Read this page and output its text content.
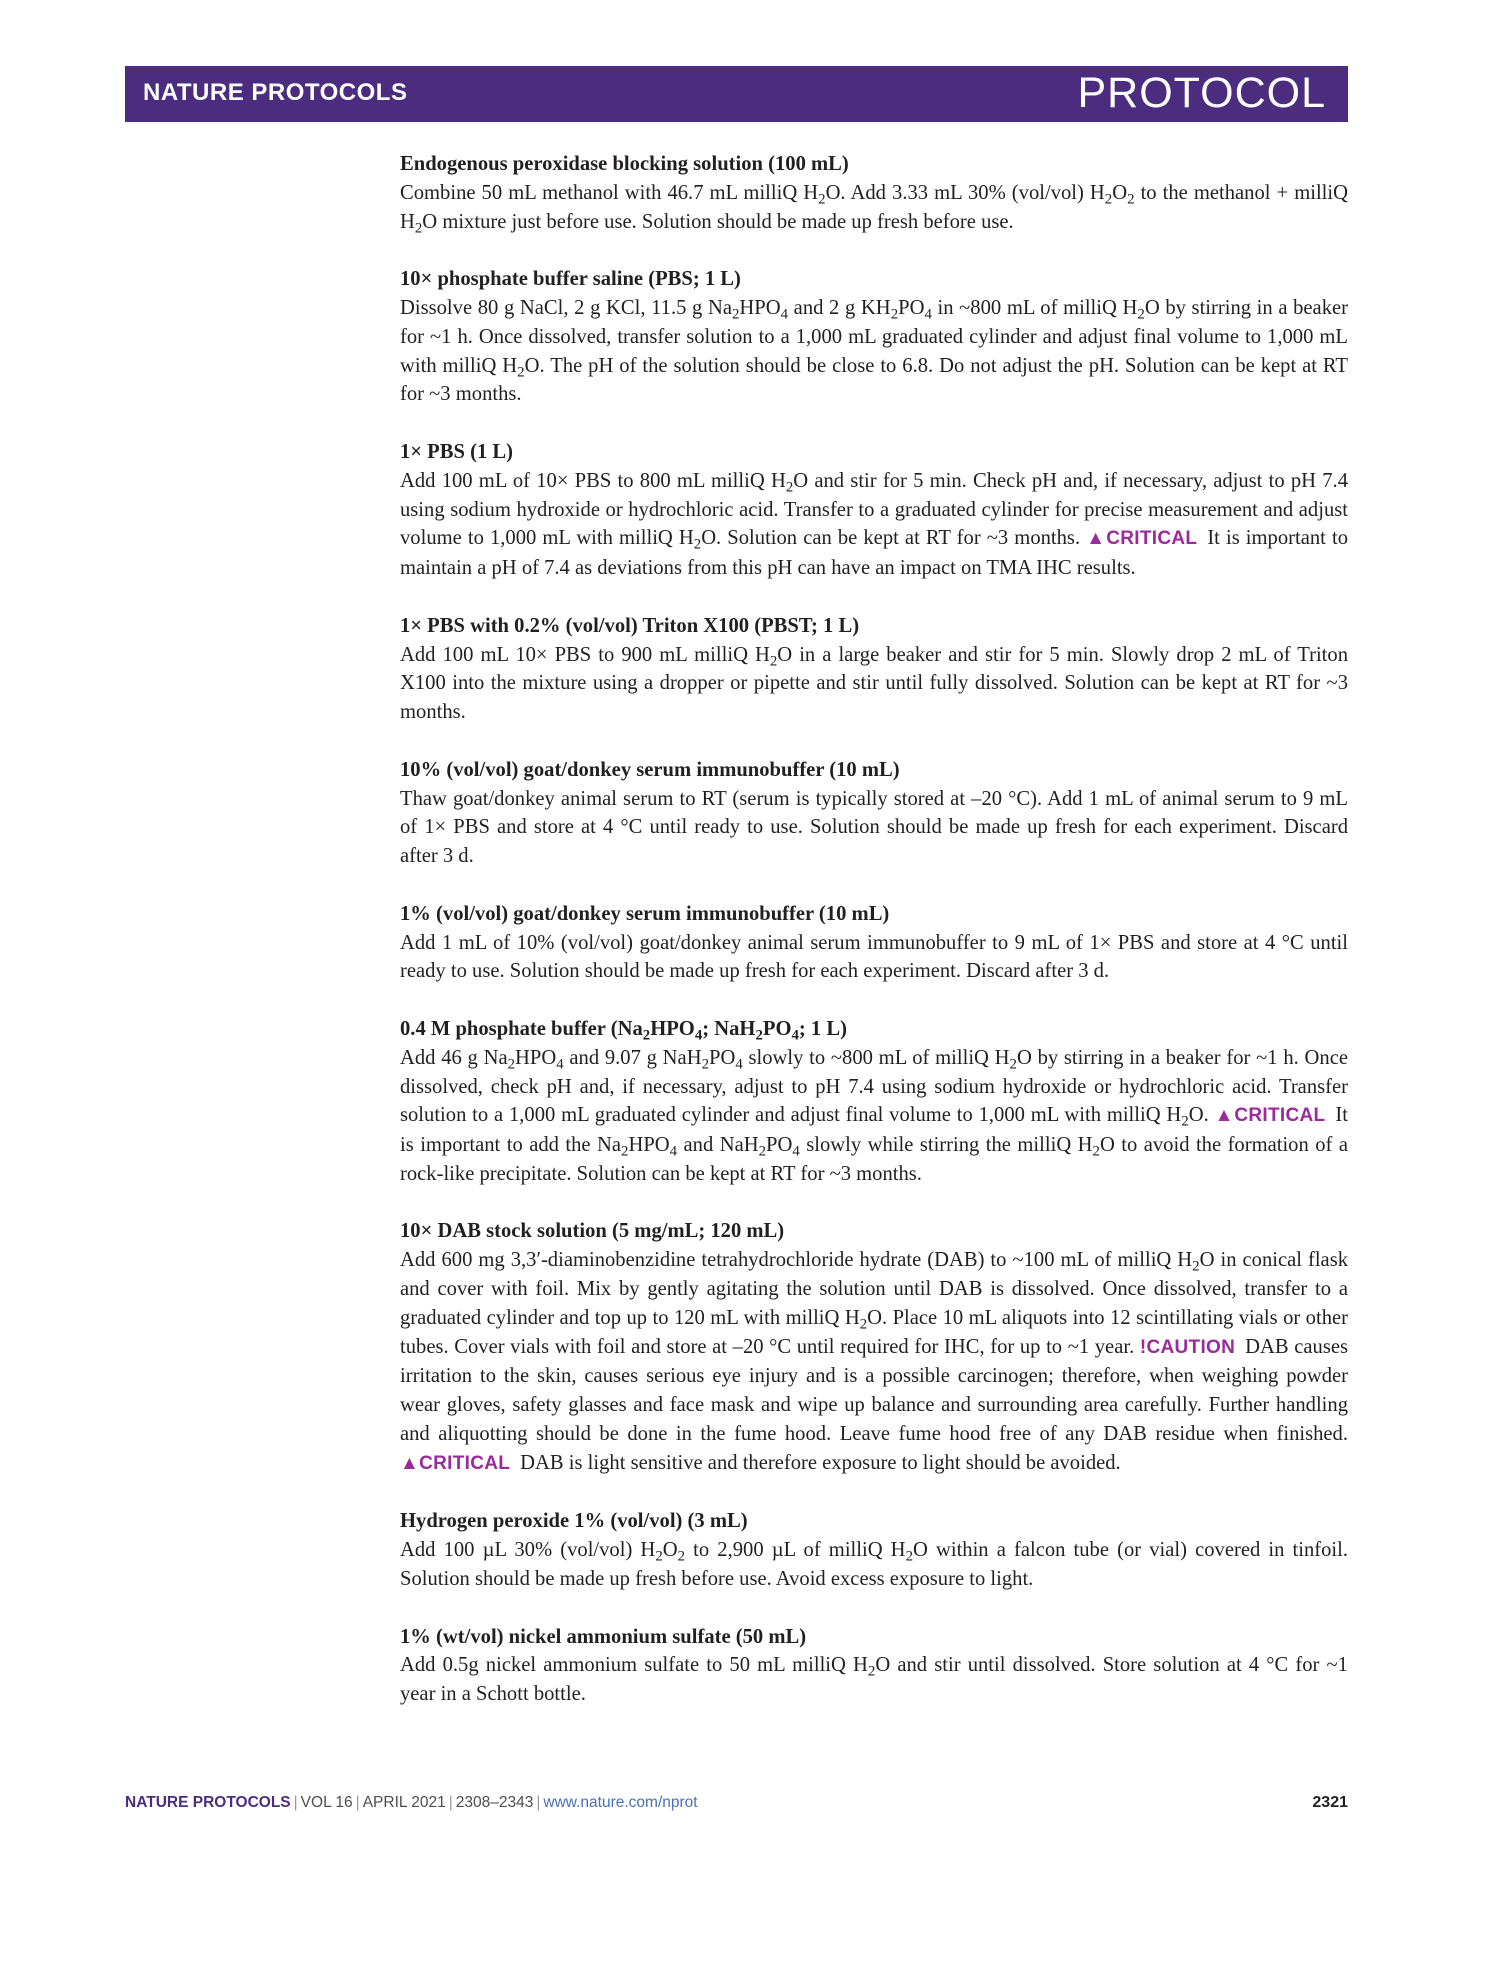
NATURE PROTOCOLS	PROTOCOL
Endogenous peroxidase blocking solution (100 mL)

Combine 50 mL methanol with 46.7 mL milliQ $H_2O$. Add 3.33 mL 30% (vol/vol) $H_2O_2$ to the methanol + milliQ $H_2O$ mixture just before use. Solution should be made up fresh before use.

10× phosphate buffer saline (PBS; 1 L)

Dissolve 80 g NaCl, 2 g KCl, 11.5 g $Na_2HPO_4$ and 2 g $KH_2PO_4$ in ~800 mL of milliQ $H_2O$ by stirring in a beaker for ~1 h. Once dissolved, transfer solution to a 1,000 mL graduated cylinder and adjust final volume to 1,000 mL with milliQ $H_2O$. The pH of the solution should be close to 6.8. Do not adjust the pH. Solution can be kept at RT for ~3 months.

1× PBS (1 L)

Add 100 mL of 10× PBS to 800 mL milliQ $H_2O$ and stir for 5 min. Check pH and, if necessary, adjust to pH 7.4 using sodium hydroxide or hydrochloric acid. Transfer to a graduated cylinder for precise measurement and adjust volume to 1,000 mL with milliQ $H_2O$. Solution can be kept at RT for ~3 months. ▲CRITICAL It is important to maintain a pH of 7.4 as deviations from this pH can have an impact on TMA IHC results.

1× PBS with 0.2% (vol/vol) Triton X100 (PBST; 1 L)

Add 100 mL 10× PBS to 900 mL milliQ $H_2O$ in a large beaker and stir for 5 min. Slowly drop 2 mL of Triton X100 into the mixture using a dropper or pipette and stir until fully dissolved. Solution can be kept at RT for ~3 months.

10% (vol/vol) goat/donkey serum immunobuffer (10 mL)

Thaw goat/donkey animal serum to RT (serum is typically stored at –20 °C). Add 1 mL of animal serum to 9 mL of 1× PBS and store at 4 °C until ready to use. Solution should be made up fresh for each experiment. Discard after 3 d.

1% (vol/vol) goat/donkey serum immunobuffer (10 mL)

Add 1 mL of 10% (vol/vol) goat/donkey animal serum immunobuffer to 9 mL of 1× PBS and store at 4 °C until ready to use. Solution should be made up fresh for each experiment. Discard after 3 d.

0.4 M phosphate buffer ($Na_2HPO_4$; $NaH_2PO_4$; 1 L)

Add 46 g $Na_2HPO_4$ and 9.07 g $NaH_2PO_4$ slowly to ~800 mL of milliQ $H_2O$ by stirring in a beaker for ~1 h. Once dissolved, check pH and, if necessary, adjust to pH 7.4 using sodium hydroxide or hydrochloric acid. Transfer solution to a 1,000 mL graduated cylinder and adjust final volume to 1,000 mL with milliQ $H_2O$. ▲CRITICAL It is important to add the $Na_2HPO_4$ and $NaH_2PO_4$ slowly while stirring the milliQ $H_2O$ to avoid the formation of a rock-like precipitate. Solution can be kept at RT for ~3 months.

10× DAB stock solution (5 mg/mL; 120 mL)

Add 600 mg 3,3′-diaminobenzidine tetrahydrochloride hydrate (DAB) to ~100 mL of milliQ $H_2O$ in conical flask and cover with foil. Mix by gently agitating the solution until DAB is dissolved. Once dissolved, transfer to a graduated cylinder and top up to 120 mL with milliQ $H_2O$. Place 10 mL aliquots into 12 scintillating vials or other tubes. Cover vials with foil and store at –20 °C until required for IHC, for up to ~1 year. !CAUTION DAB causes irritation to the skin, causes serious eye injury and is a possible carcinogen; therefore, when weighing powder wear gloves, safety glasses and face mask and wipe up balance and surrounding area carefully. Further handling and aliquotting should be done in the fume hood. Leave fume hood free of any DAB residue when finished. ▲CRITICAL DAB is light sensitive and therefore exposure to light should be avoided.

Hydrogen peroxide 1% (vol/vol) (3 mL)

Add 100 µL 30% (vol/vol) $H_2O_2$ to 2,900 µL of milliQ $H_2O$ within a falcon tube (or vial) covered in tinfoil. Solution should be made up fresh before use. Avoid excess exposure to light.

1% (wt/vol) nickel ammonium sulfate (50 mL)

Add 0.5g nickel ammonium sulfate to 50 mL milliQ $H_2O$ and stir until dissolved. Store solution at 4 °C for ~1 year in a Schott bottle.

NATURE PROTOCOLS | VOL 16 | APRIL 2021 | 2308–2343 | www.nature.com/nprot	2321
